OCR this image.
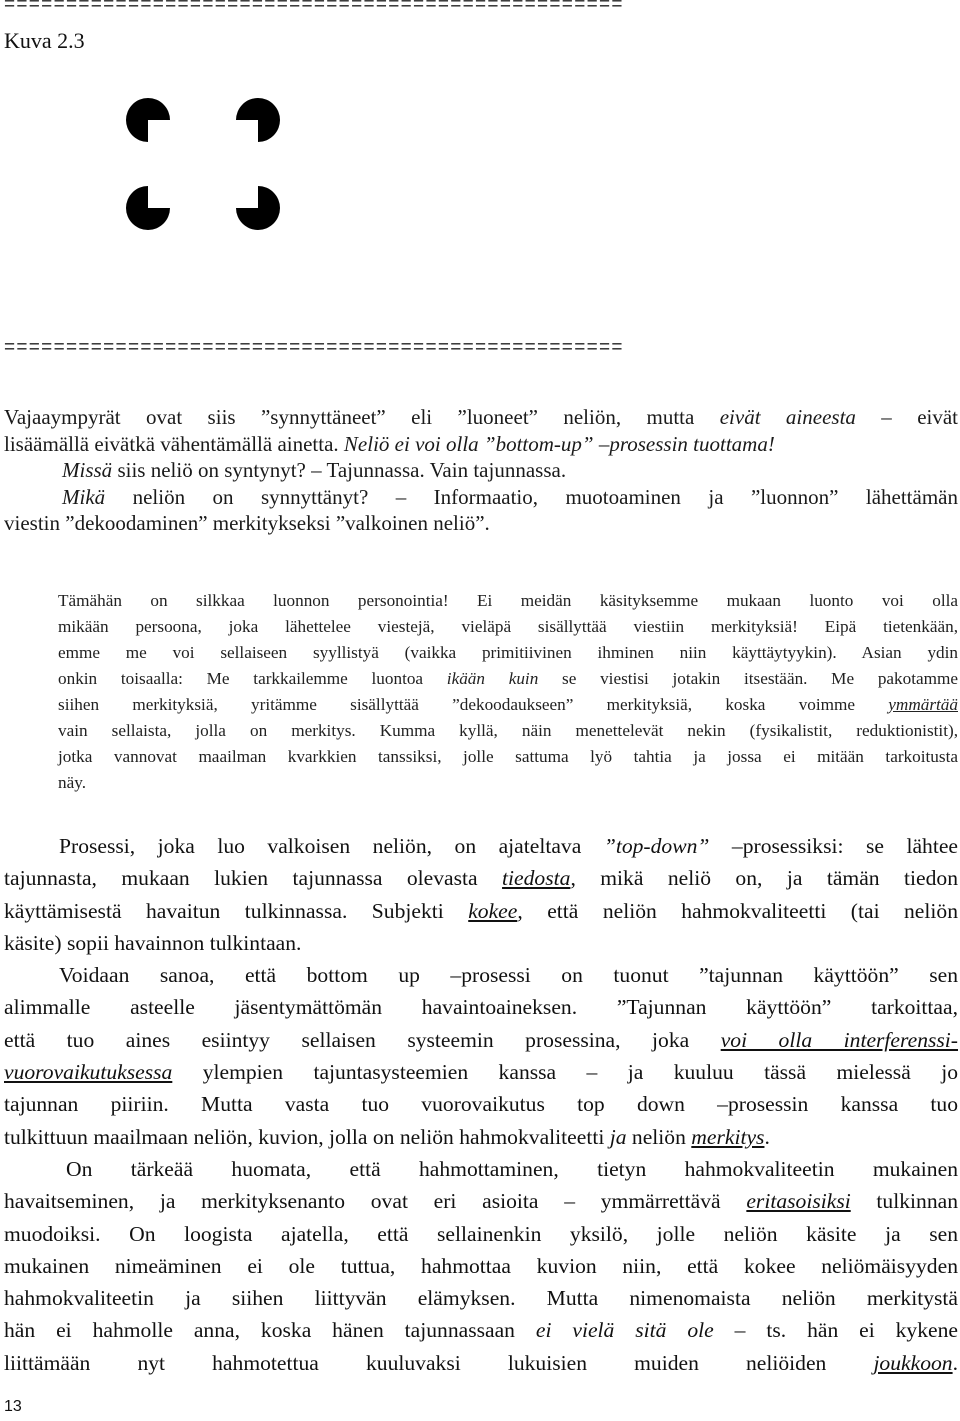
==================================================
Kuva 2.3
==================================================
Vajaaympyrät ovat siis ”synnyttäneet” eli ”luoneet” neliön, mutta eivät aineesta – eivät
lisäämällä eivätkä vähentämällä ainetta. Neliö ei voi olla ”bottom-up” –prosessin tuottama!
Missä siis neliö on syntynyt? – Tajunnassa. Vain tajunnassa.
Mikä neliön on synnyttänyt? – Informaatio, muotoaminen ja ”luonnon” lähettämän
viestin ”dekoodaminen” merkitykseksi ”valkoinen neliö”.
Tämähän on silkkaa luonnon personointia! Ei meidän käsityksemme mukaan luonto voi olla
mikään persoona, joka lähettelee viestejä, vieläpä sisällyttää viestiin merkityksiä! Eipä tietenkään,
emme me voi sellaiseen syyllistyä (vaikka primitiivinen ihminen niin käyttäytyykin). Asian ydin
onkin toisaalla: Me tarkkailemme luontoa ikään kuin se viestisi jotakin itsestään. Me pakotamme
siihen merkityksiä, yritämme sisällyttää ”dekoodaukseen” merkityksiä, koska voimme ymmärtää
vain sellaista, jolla on merkitys. Kumma kyllä, näin menettelevät nekin (fysikalistit, reduktionistit),
jotka vannovat maailman kvarkkien tanssiksi, jolle sattuma lyö tahtia ja jossa ei mitään tarkoitusta
näy.
Prosessi, joka luo valkoisen neliön, on ajateltava ”top-down” –prosessiksi: se lähtee
tajunnasta, mukaan lukien tajunnassa olevasta tiedosta, mikä neliö on, ja tämän tiedon
käyttämisestä havaitun tulkinnassa. Subjekti kokee, että neliön hahmokvaliteetti (tai neliön
käsite) sopii havainnon tulkintaan.
Voidaan sanoa, että bottom up –prosessi on tuonut ”tajunnan käyttöön” sen
alimmalle asteelle jäsentymättömän havaintoaineksen. ”Tajunnan käyttöön” tarkoittaa,
että tuo aines esiintyy sellaisen systeemin prosessina, joka voi olla interferenssi-
vuorovaikutuksessa ylempien tajuntasysteemien kanssa – ja kuuluu tässä mielessä jo
tajunnan piiriin. Mutta vasta tuo vuorovaikutus top down –prosessin kanssa tuo
tulkittuun maailmaan neliön, kuvion, jolla on neliön hahmokvaliteetti ja neliön merkitys.
On tärkeää huomata, että hahmottaminen, tietyn hahmokvaliteetin mukainen
havaitseminen, ja merkityksenanto ovat eri asioita – ymmärrettävä eritasoisiksi tulkinnan
muodoiksi. On loogista ajatella, että sellainenkin yksilö, jolle neliön käsite ja sen
mukainen nimeäminen ei ole tuttua, hahmottaa kuvion niin, että kokee neliömäisyyden
hahmokvaliteetin ja siihen liittyvän elämyksen. Mutta nimenomaista neliön merkitystä
hän ei hahmolle anna, koska hänen tajunnassaan ei vielä sitä ole – ts. hän ei kykene
liittämään nyt hahmotettua kuuluvaksi lukuisien muiden neliöiden joukkoon.
13
